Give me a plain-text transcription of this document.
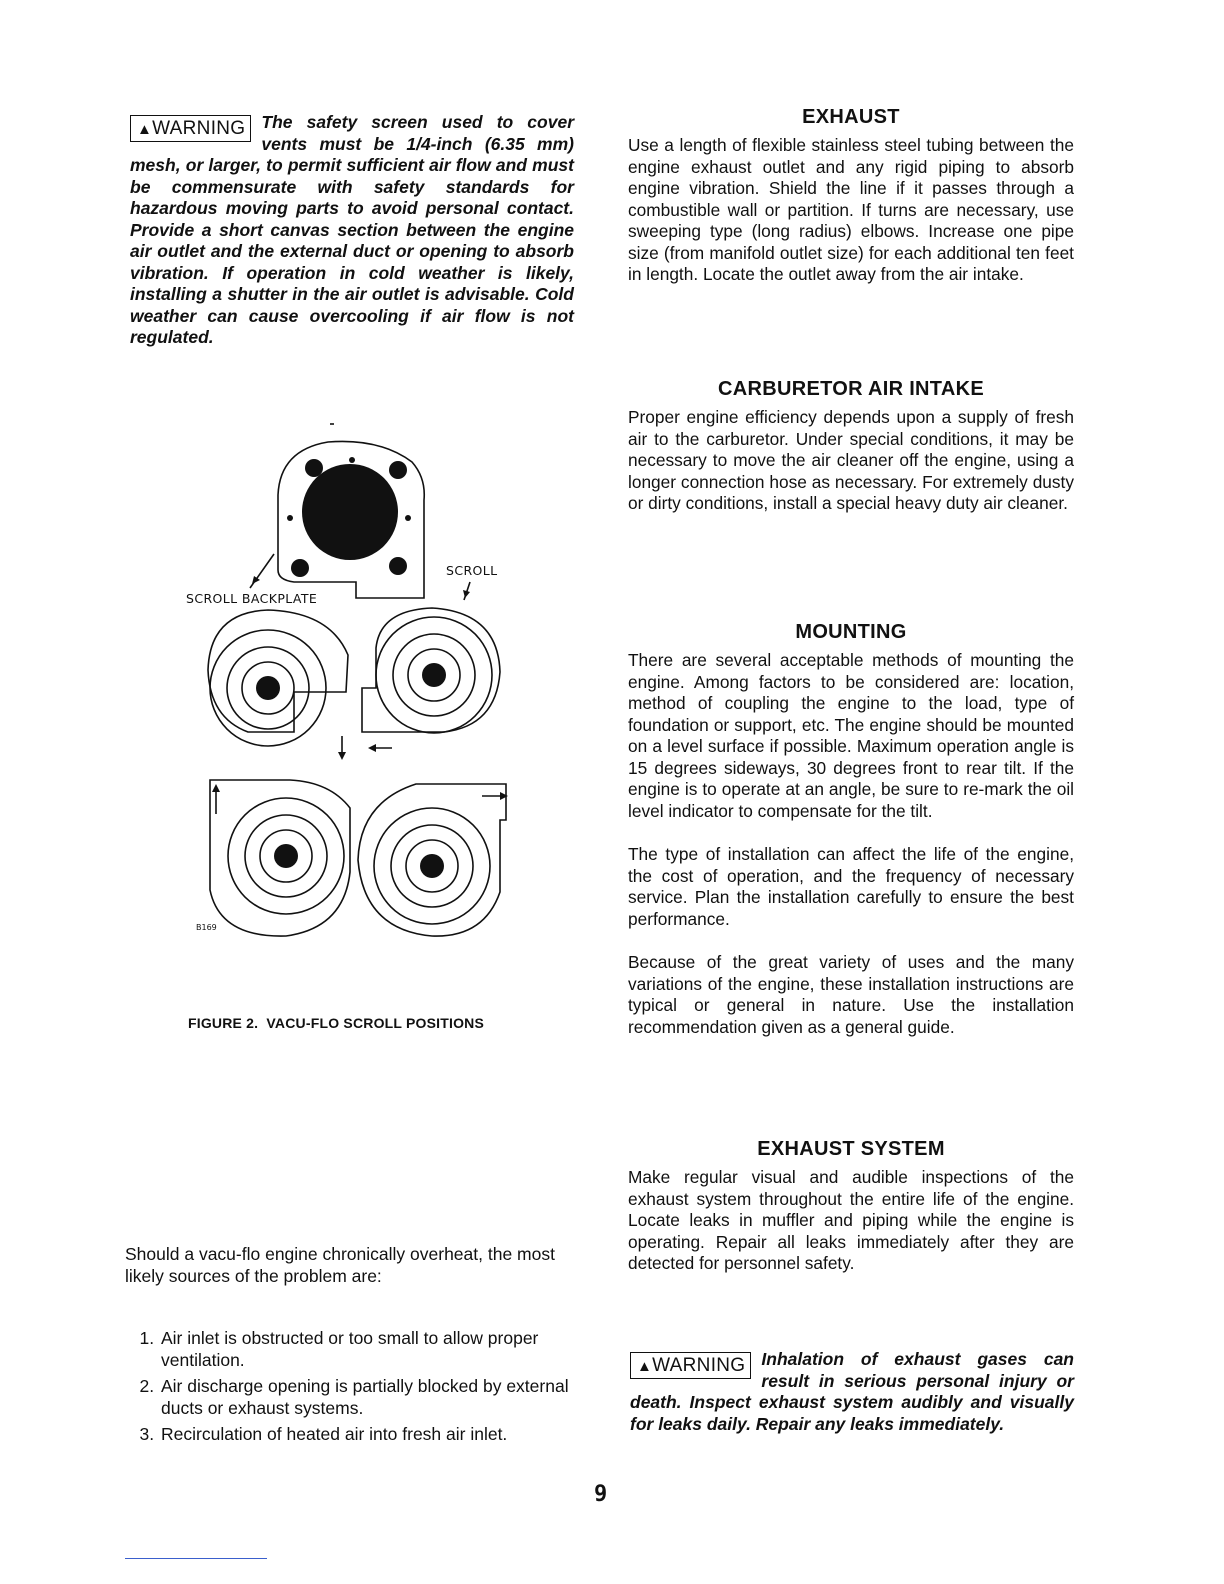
▲WARNING The safety screen used to cover vents must be 1/4-inch (6.35 mm) mesh, or larger, to permit sufficient air flow and must be commensurate with safety standards for hazardous moving parts to avoid personal contact. Provide a short canvas section between the engine air outlet and the external duct or opening to absorb vibration. If operation in cold weather is likely, installing a shutter in the air outlet is advisable. Cold weather can cause overcooling if air flow is not regulated.
SCROLL
SCROLL BACKPLATE
B169
FIGURE 2.  VACU-FLO SCROLL POSITIONS

Should a vacu-flo engine chronically overheat, the most likely sources of the problem are:

1. Air inlet is obstructed or too small to allow proper ventilation.
2. Air discharge opening is partially blocked by external ducts or exhaust systems.
3. Recirculation of heated air into fresh air inlet.
EXHAUST

Use a length of flexible stainless steel tubing between the engine exhaust outlet and any rigid piping to absorb engine vibration. Shield the line if it passes through a combustible wall or partition. If turns are necessary, use sweeping type (long radius) elbows. Increase one pipe size (from manifold outlet size) for each additional ten feet in length. Locate the outlet away from the air intake.

CARBURETOR AIR INTAKE

Proper engine efficiency depends upon a supply of fresh air to the carburetor. Under special conditions, it may be necessary to move the air cleaner off the engine, using a longer connection hose as necessary. For extremely dusty or dirty conditions, install a special heavy duty air cleaner.

MOUNTING

There are several acceptable methods of mounting the engine. Among factors to be considered are: location, method of coupling the engine to the load, type of foundation or support, etc. The engine should be mounted on a level surface if possible. Maximum operation angle is 15 degrees sideways, 30 degrees front to rear tilt. If the engine is to operate at an angle, be sure to re-mark the oil level indicator to compensate for the tilt.

The type of installation can affect the life of the engine, the cost of operation, and the frequency of necessary service. Plan the installation carefully to ensure the best performance.

Because of the great variety of uses and the many variations of the engine, these installation instructions are typical or general in nature. Use the installation recommendation given as a general guide.

EXHAUST SYSTEM

Make regular visual and audible inspections of the exhaust system throughout the entire life of the engine. Locate leaks in muffler and piping while the engine is operating. Repair all leaks immediately after they are detected for personnel safety.

▲WARNING Inhalation of exhaust gases can result in serious personal injury or death. Inspect exhaust system audibly and visually for leaks daily. Repair any leaks immediately.
9
